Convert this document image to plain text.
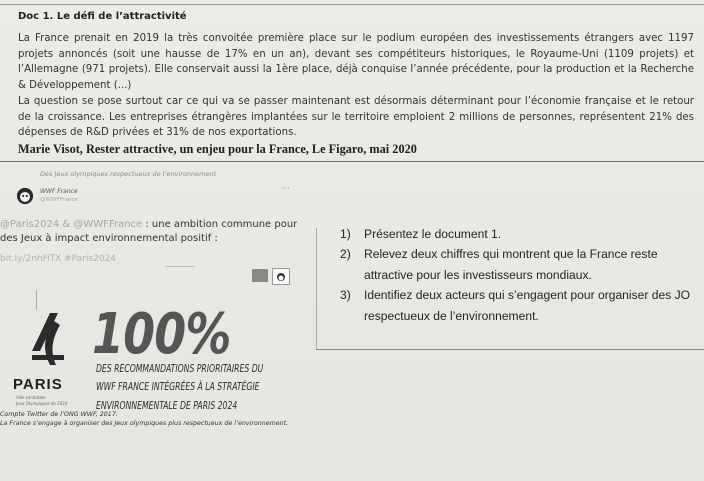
Doc 1. Le défi de l’attractivité
La France prenait en 2019 la très convoitée première place sur le podium européen des investissements étrangers avec 1197 projets annoncés (soit une hausse de 17% en un an), devant ses compétiteurs historiques, le Royaume-Uni (1109 projets) et l’Allemagne (971 projets). Elle conservait aussi la 1ère place, déjà conquise l’année précédente, pour la production et la Recherche & Développement (...)
La question se pose surtout car ce qui va se passer maintenant est désormais déterminant pour l’économie française et le retour de la croissance. Les entreprises étrangères implantées sur le territoire emploient 2 millions de personnes, représentent 21% des dépenses de R&D privées et 31% de nos exportations.
Marie Visot, Rester attractive, un enjeu pour la France, Le Figaro, mai 2020
Des Jeux olympiques respectueux de l’environnement
WWF France
@WWFFrance
···
@Paris2024 & @WWFFrance : une ambition commune pour des Jeux à impact environnemental positif :
bit.ly/2nhFiTX #Paris2024
PARIS
Ville candidate
Jeux Olympiques de 2024
100%
DES RECOMMANDATIONS PRIORITAIRES DU
WWF FRANCE INTÉGRÉES À LA STRATÉGIE
ENVIRONNEMENTALE DE PARIS 2024
Compte Twitter de l’ONG WWF, 2017.
La France s’engage à organiser des Jeux olympiques plus respectueux de l’environnement.
1)	Présentez le document 1.
2)	Relevez deux chiffres qui montrent que la France reste attractive pour les investisseurs mondiaux.
3)	Identifiez deux acteurs qui s’engagent pour organiser des JO respectueux de l’environnement.
